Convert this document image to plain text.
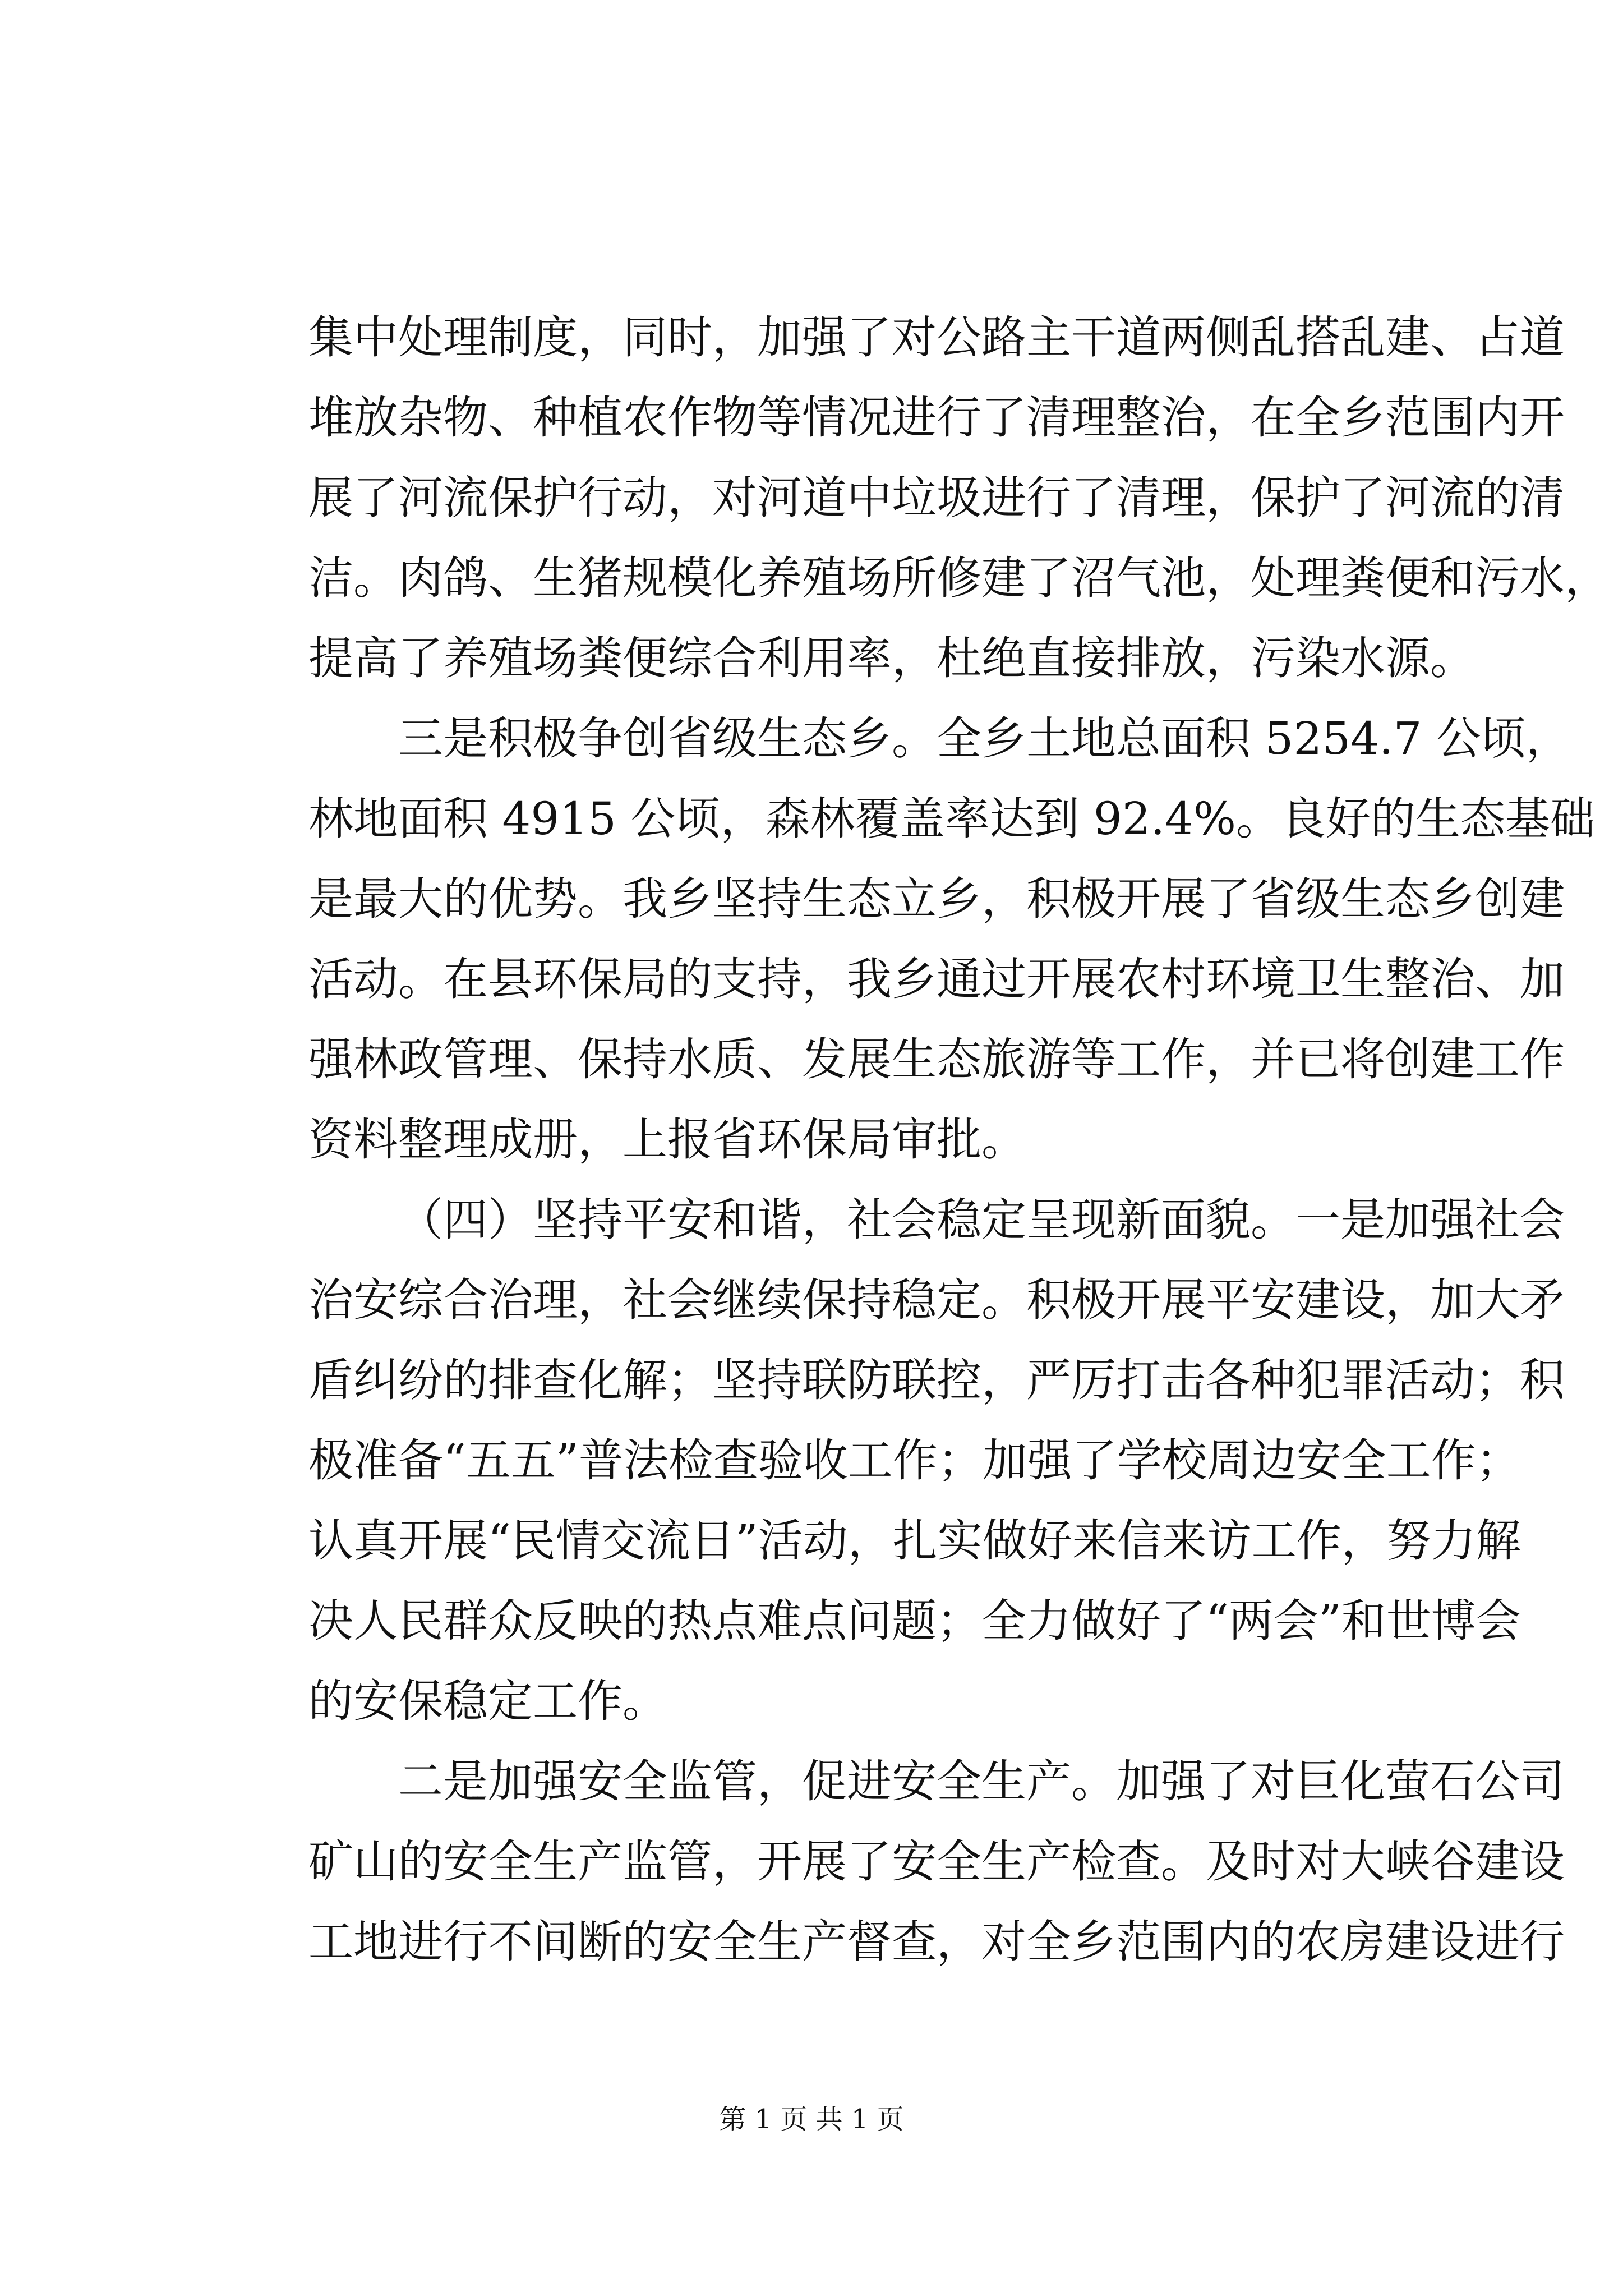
集中处理制度，同时，加强了对公路主干道两侧乱搭乱建、占道
堆放杂物、种植农作物等情况进行了清理整治，在全乡范围内开
展了河流保护行动，对河道中垃圾进行了清理，保护了河流的清
洁。肉鸽、生猪规模化养殖场所修建了沼气池，处理粪便和污水，
提高了养殖场粪便综合利用率，杜绝直接排放，污染水源。
三是积极争创省级生态乡。全乡土地总面积 5254.7 公顷，
林地面积 4915 公顷，森林覆盖率达到 92.4%。良好的生态基础
是最大的优势。我乡坚持生态立乡，积极开展了省级生态乡创建
活动。在县环保局的支持，我乡通过开展农村环境卫生整治、加
强林政管理、保持水质、发展生态旅游等工作，并已将创建工作
资料整理成册，上报省环保局审批。
（四）坚持平安和谐，社会稳定呈现新面貌。一是加强社会
治安综合治理，社会继续保持稳定。积极开展平安建设，加大矛
盾纠纷的排查化解；坚持联防联控，严厉打击各种犯罪活动；积
极准备“五五”普法检查验收工作；加强了学校周边安全工作；
认真开展“民情交流日”活动，扎实做好来信来访工作，努力解
决人民群众反映的热点难点问题；全力做好了“两会”和世博会
的安保稳定工作。
二是加强安全监管，促进安全生产。加强了对巨化萤石公司
矿山的安全生产监管，开展了安全生产检查。及时对大峡谷建设
工地进行不间断的安全生产督查，对全乡范围内的农房建设进行
第 1 页 共 1 页
